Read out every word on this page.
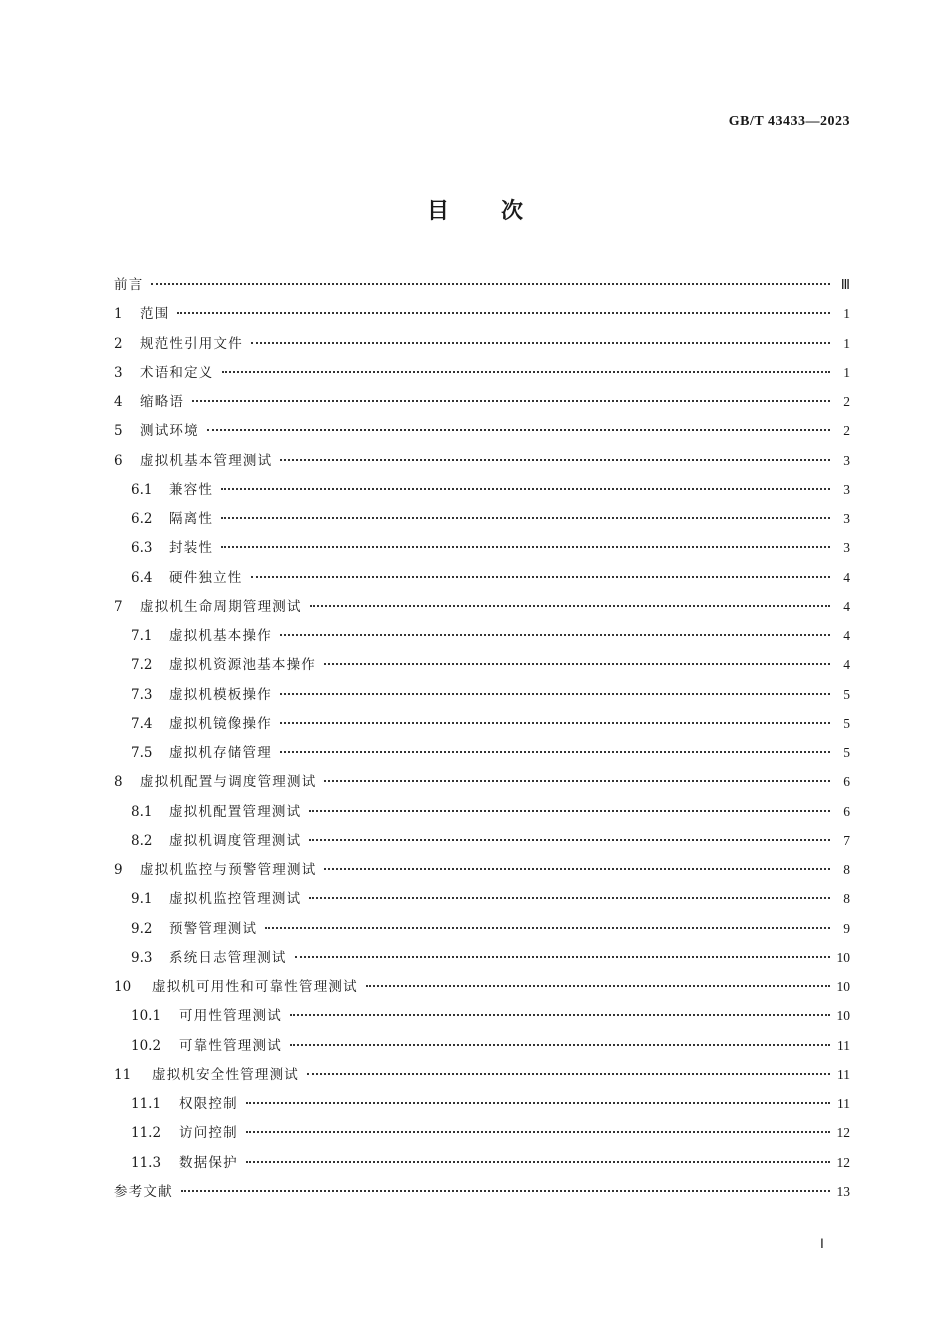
GB/T 43433—2023
目次
前言	Ⅲ
1	范围	1
2	规范性引用文件	1
3	术语和定义	1
4	缩略语	2
5	测试环境	2
6	虚拟机基本管理测试	3
6.1	兼容性	3
6.2	隔离性	3
6.3	封装性	3
6.4	硬件独立性	4
7	虚拟机生命周期管理测试	4
7.1	虚拟机基本操作	4
7.2	虚拟机资源池基本操作	4
7.3	虚拟机模板操作	5
7.4	虚拟机镜像操作	5
7.5	虚拟机存储管理	5
8	虚拟机配置与调度管理测试	6
8.1	虚拟机配置管理测试	6
8.2	虚拟机调度管理测试	7
9	虚拟机监控与预警管理测试	8
9.1	虚拟机监控管理测试	8
9.2	预警管理测试	9
9.3	系统日志管理测试	10
10	虚拟机可用性和可靠性管理测试	10
10.1	可用性管理测试	10
10.2	可靠性管理测试	11
11	虚拟机安全性管理测试	11
11.1	权限控制	11
11.2	访问控制	12
11.3	数据保护	12
参考文献	13
Ⅰ
